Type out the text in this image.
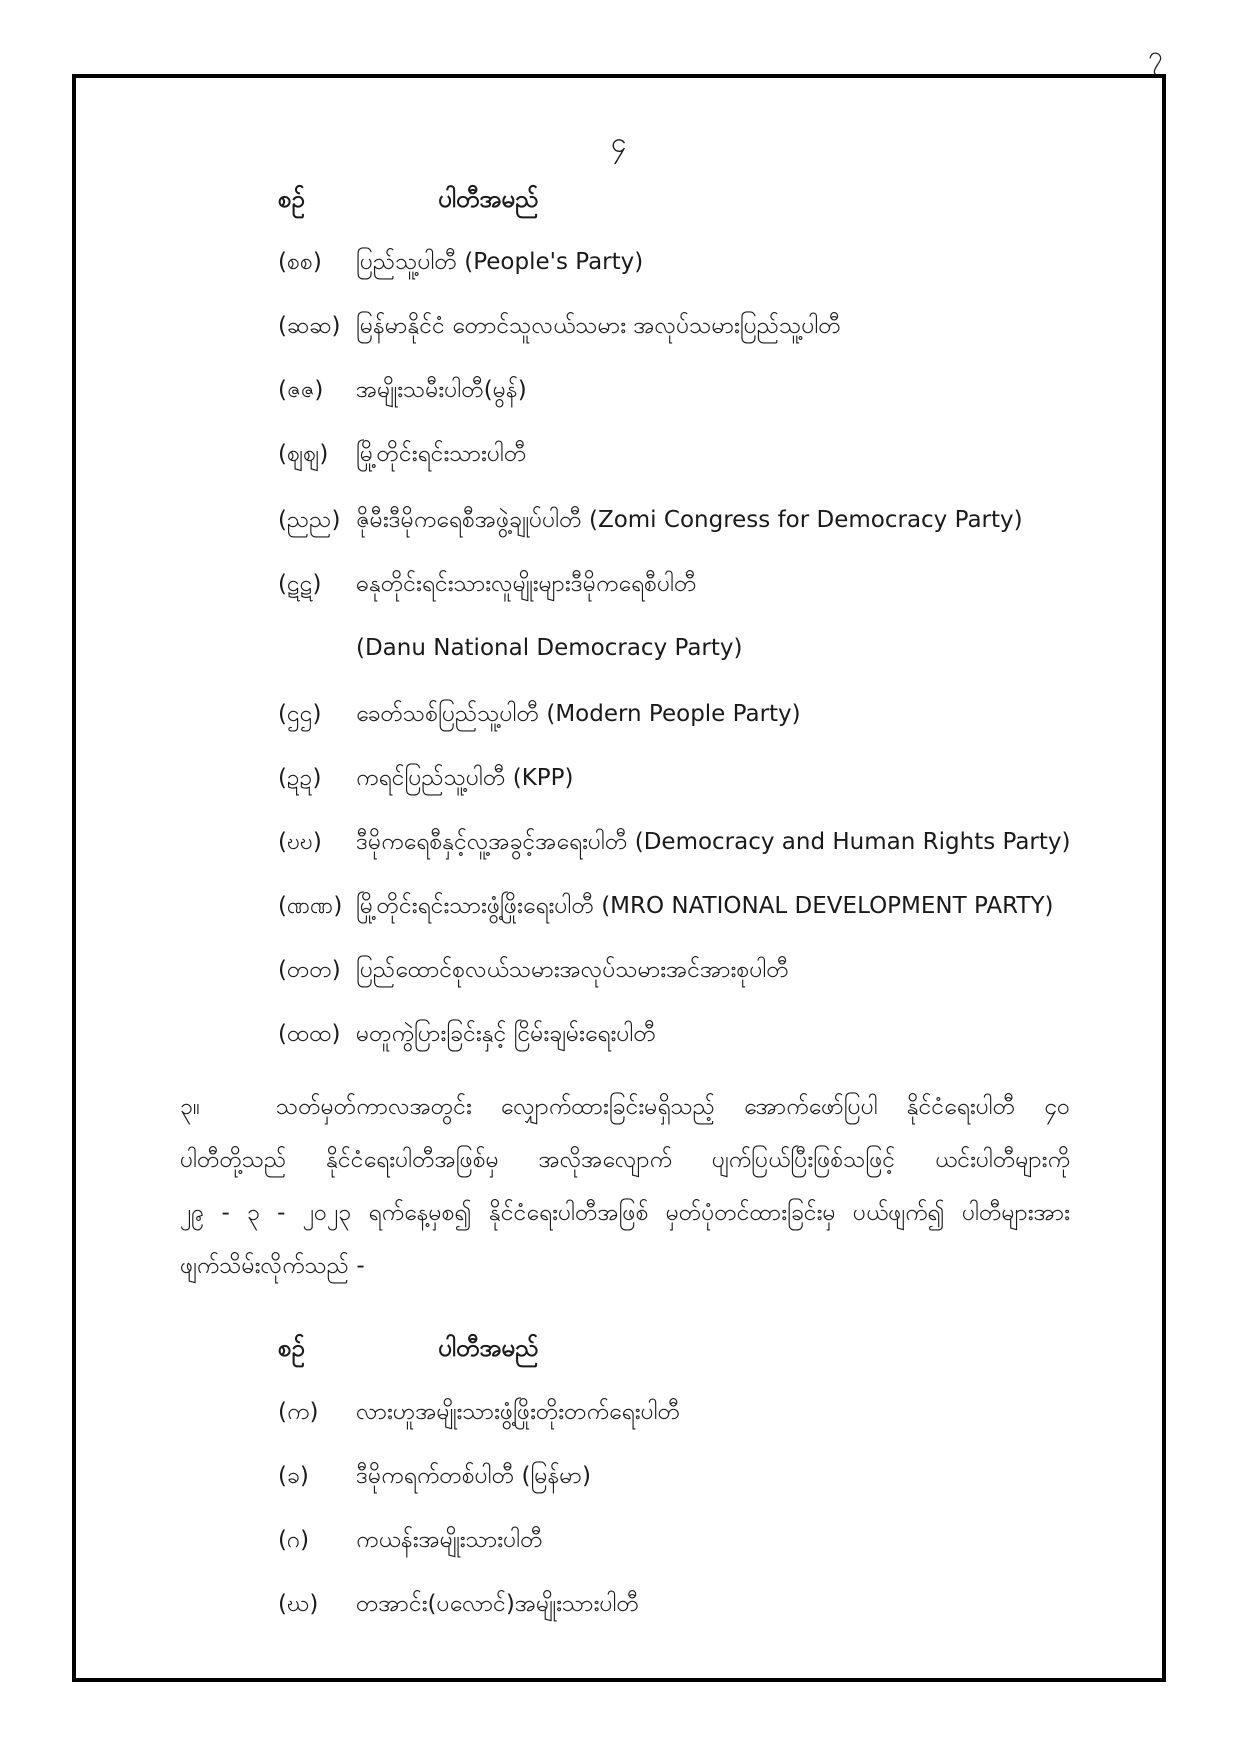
၇
၄
စဉ်	ပါတီအမည်
(စစ) ပြည်သူ့ပါတီ (People's Party)
(ဆဆ) မြန်မာနိုင်ငံ တောင်သူလယ်သမား အလုပ်သမားပြည်သူ့ပါတီ
(ဇဇ) အမျိုးသမီးပါတီ(မွန်)
(ဈဈ) မြို့တိုင်းရင်းသားပါတီ
(ညည) ဇိုမီးဒီမိုကရေစီအဖွဲ့ချုပ်ပါတီ (Zomi Congress for Democracy Party)
(ဋဋ) ဓနုတိုင်းရင်းသားလူမျိုးများဒီမိုကရေစီပါတီ
(Danu National Democracy Party)
(ဌဌ) ခေတ်သစ်ပြည်သူ့ပါတီ (Modern People Party)
(ဍဍ) ကရင်ပြည်သူ့ပါတီ (KPP)
(ဎဎ) ဒီမိုကရေစီနှင့်လူ့အခွင့်အရေးပါတီ (Democracy and Human Rights Party)
(ဏဏ) မြို့တိုင်းရင်းသားဖွံ့ဖြိုးရေးပါတီ (MRO NATIONAL DEVELOPMENT PARTY)
(တတ) ပြည်ထောင်စုလယ်သမားအလုပ်သမားအင်အားစုပါတီ
(ထထ) မတူကွဲပြားခြင်းနှင့် ငြိမ်းချမ်းရေးပါတီ
၃။	သတ်မှတ်ကာလအတွင်း လျှောက်ထားခြင်းမရှိသည့် အောက်ဖော်ပြပါ နိုင်ငံရေးပါတီ ၄၀
ပါတီတို့သည် နိုင်ငံရေးပါတီအဖြစ်မှ အလိုအလျောက် ပျက်ပြယ်ပြီးဖြစ်သဖြင့် ယင်းပါတီများကို
၂၉ - ၃ - ၂၀၂၃ ရက်နေ့မှစ၍ နိုင်ငံရေးပါတီအဖြစ် မှတ်ပုံတင်ထားခြင်းမှ ပယ်ဖျက်၍ ပါတီများအား
ဖျက်သိမ်းလိုက်သည် -
စဉ်	ပါတီအမည်
(က) လားဟူအမျိုးသားဖွံ့ဖြိုးတိုးတက်ရေးပါတီ
(ခ) ဒီမိုကရက်တစ်ပါတီ (မြန်မာ)
(ဂ) ကယန်းအမျိုးသားပါတီ
(ဃ) တအာင်း(ပလောင်)အမျိုးသားပါတီ
